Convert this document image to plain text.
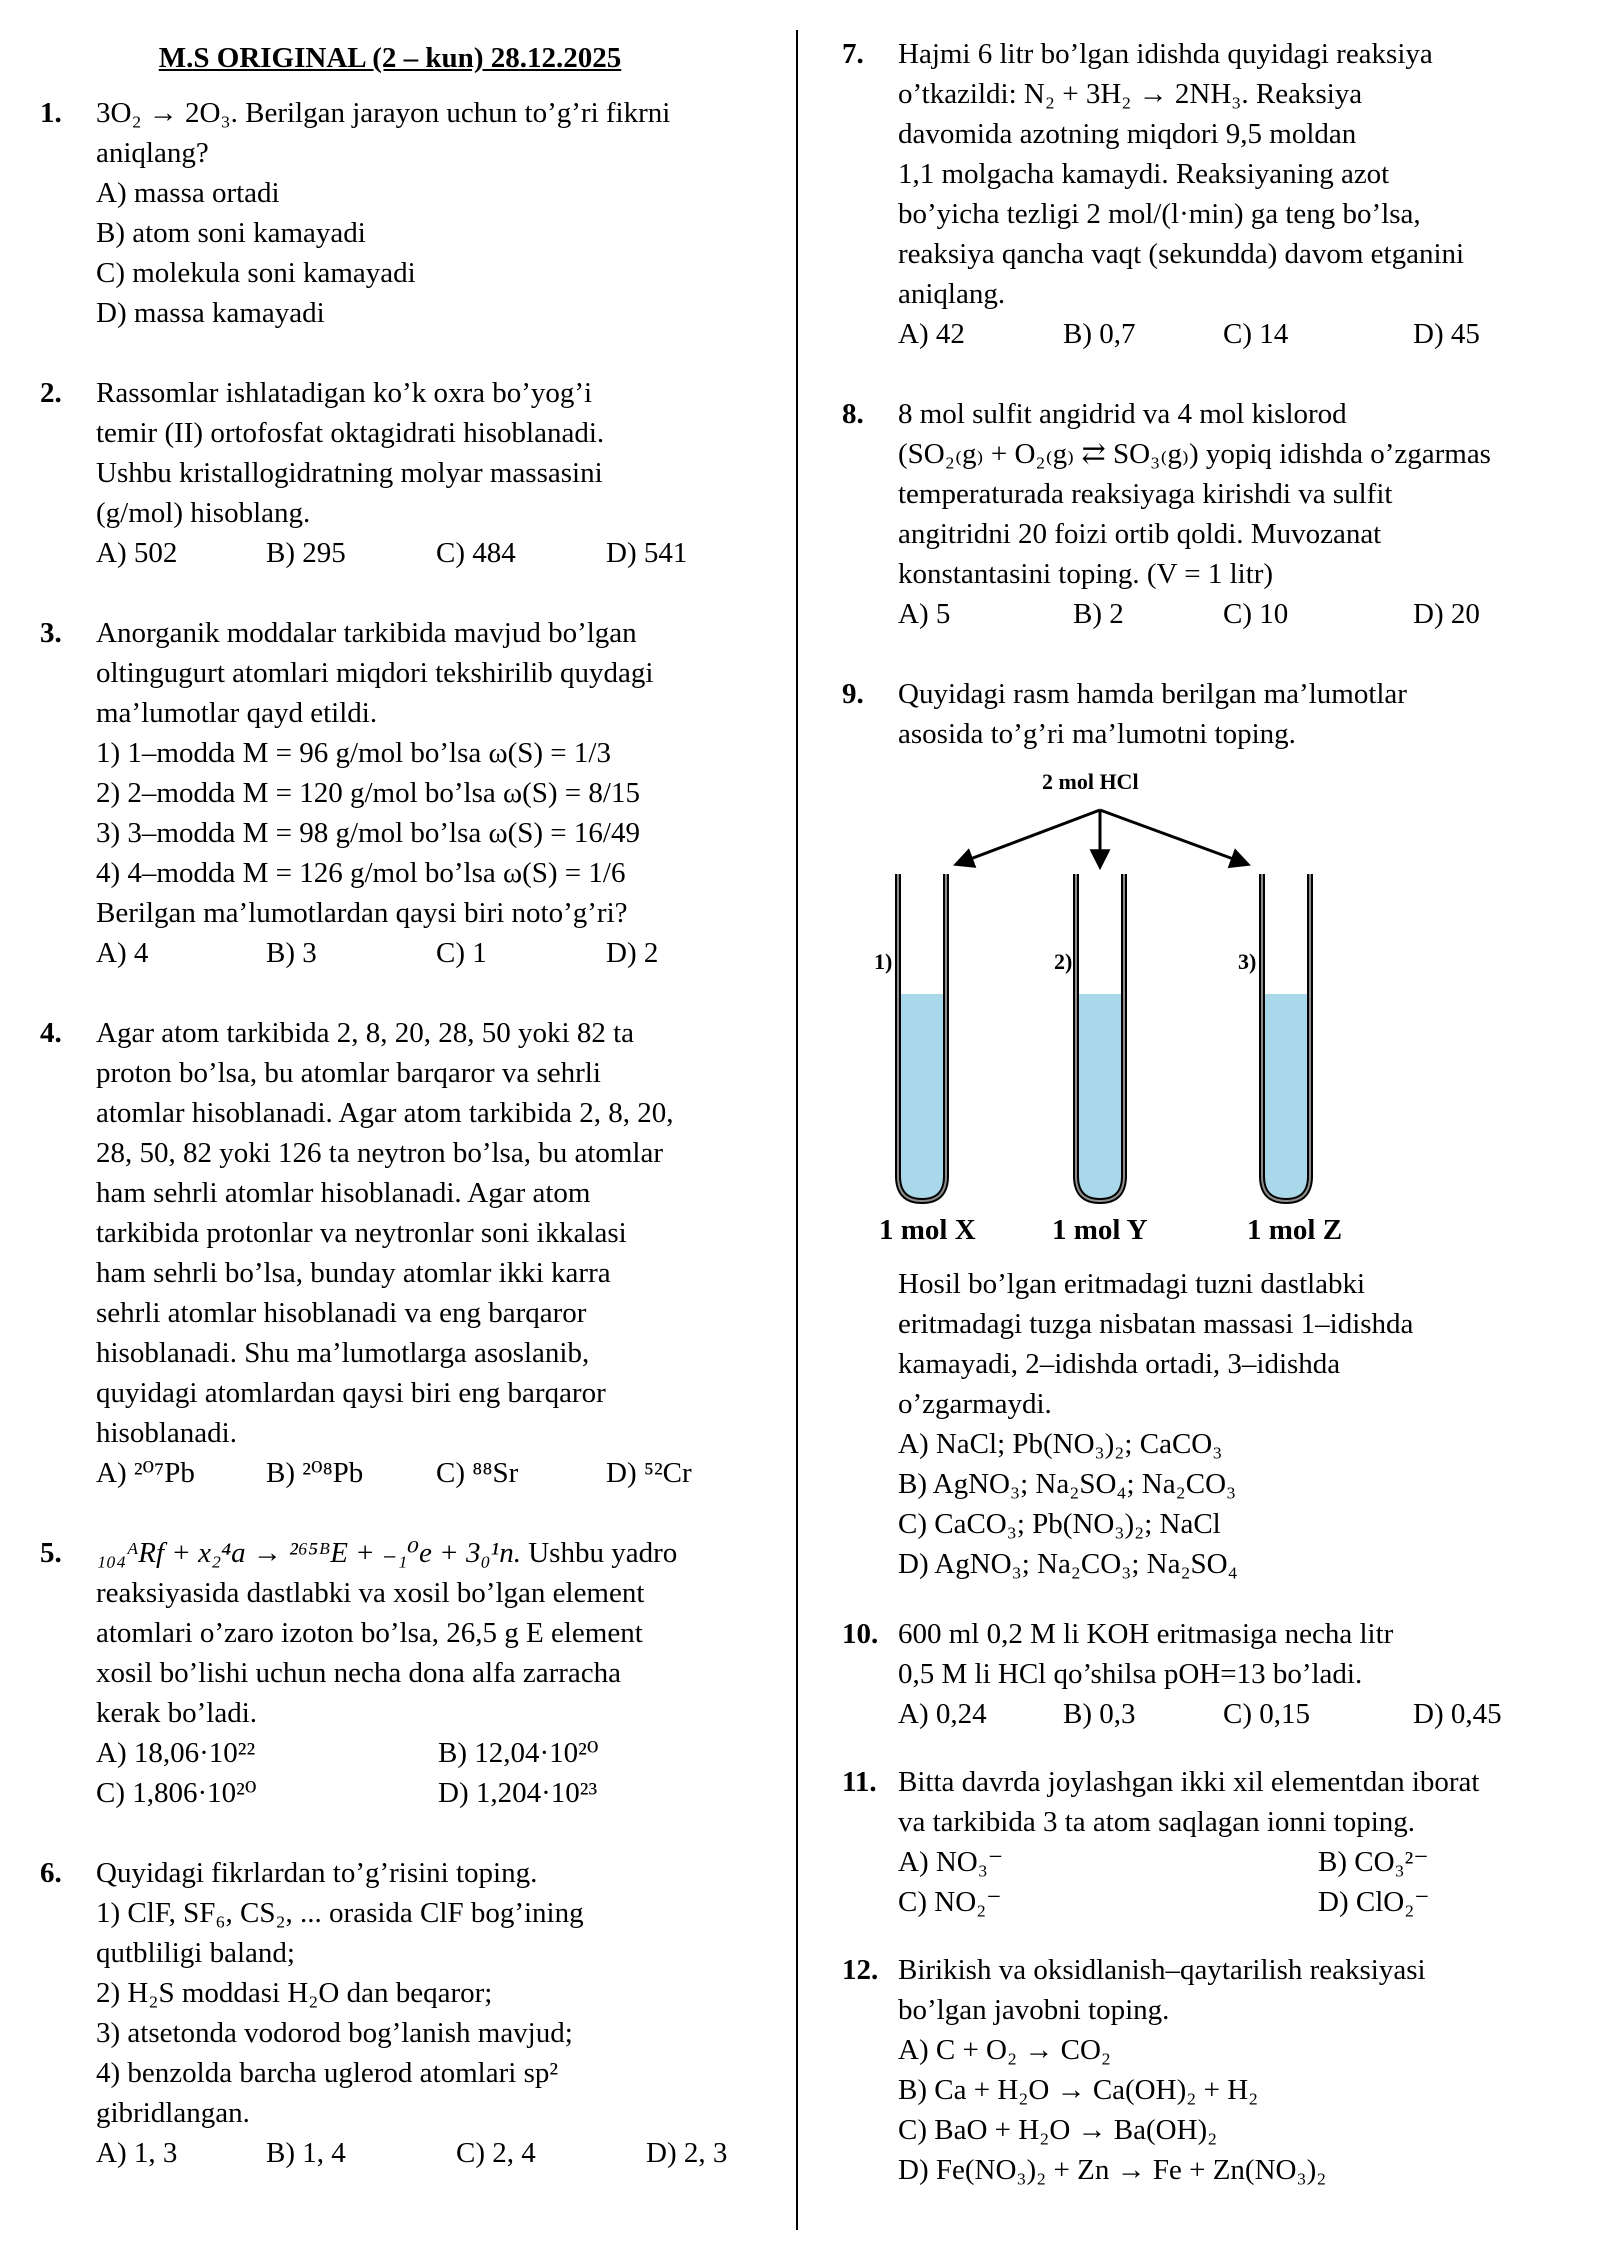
M.S ORIGINAL (2 – kun) 28.12.2025
1. 3O₂ → 2O₃. Berilgan jarayon uchun to’g’ri fikrni
aniqlang?
A) massa ortadi
B) atom soni kamayadi
C) molekula soni kamayadi
D) massa kamayadi
2. Rassomlar ishlatadigan ko’k oxra bo’yog’i
temir (II) ortofosfat oktagidrati hisoblanadi.
Ushbu kristallogidratning molyar massasini
(g/mol) hisoblang.
A) 502	B) 295	C) 484	D) 541
3. Anorganik moddalar tarkibida mavjud bo’lgan
oltingugurt atomlari miqdori tekshirilib quydagi
ma’lumotlar qayd etildi.
1) 1–modda M = 96 g/mol bo’lsa ω(S) = 1/3
2) 2–modda M = 120 g/mol bo’lsa ω(S) = 8/15
3) 3–modda M = 98 g/mol bo’lsa ω(S) = 16/49
4) 4–modda M = 126 g/mol bo’lsa ω(S) = 1/6
Berilgan ma’lumotlardan qaysi biri noto’g’ri?
A) 4	B) 3	C) 1	D) 2
4. Agar atom tarkibida 2, 8, 20, 28, 50 yoki 82 ta
proton bo’lsa, bu atomlar barqaror va sehrli
atomlar hisoblanadi. Agar atom tarkibida 2, 8, 20,
28, 50, 82 yoki 126 ta neytron bo’lsa, bu atomlar
ham sehrli atomlar hisoblanadi. Agar atom
tarkibida protonlar va neytronlar soni ikkalasi
ham sehrli bo’lsa, bunday atomlar ikki karra
sehrli atomlar hisoblanadi va eng barqaror
hisoblanadi. Shu ma’lumotlarga asoslanib,
quyidagi atomlardan qaysi biri eng barqaror
hisoblanadi.
A) ²⁰⁷Pb	B) ²⁰⁸Pb	C) ⁸⁸Sr	D) ⁵²Cr
5. ₁₀₄ᴬRf + x₂⁴a → ²⁶⁵ᴮE + ₋₁⁰e + 3₀¹n. Ushbu yadro
reaksiyasida dastlabki va xosil bo’lgan element
atomlari o’zaro izoton bo’lsa, 26,5 g E element
xosil bo’lishi uchun necha dona alfa zarracha
kerak bo’ladi.
A) 18,06·10²²	B) 12,04·10²⁰
C) 1,806·10²⁰	D) 1,204·10²³
6. Quyidagi fikrlardan to’g’risini toping.
1) ClF, SF₆, CS₂, ... orasida ClF bog’ining
qutbliligi baland;
2) H₂S moddasi H₂O dan beqaror;
3) atsetonda vodorod bog’lanish mavjud;
4) benzolda barcha uglerod atomlari sp²
gibridlangan.
A) 1, 3	B) 1, 4	C) 2, 4	D) 2, 3
7. Hajmi 6 litr bo’lgan idishda quyidagi reaksiya
o’tkazildi: N₂ + 3H₂ → 2NH₃. Reaksiya
davomida azotning miqdori 9,5 moldan
1,1 molgacha kamaydi. Reaksiyaning azot
bo’yicha tezligi 2 mol/(l·min) ga teng bo’lsa,
reaksiya qancha vaqt (sekundda) davom etganini
aniqlang.
A) 42	B) 0,7	C) 14	D) 45
8. 8 mol sulfit angidrid va 4 mol kislorod
(SO₂₍g₎ + O₂₍g₎ ⇄ SO₃₍g₎) yopiq idishda o’zgarmas
temperaturada reaksiyaga kirishdi va sulfit
angitridni 20 foizi ortib qoldi. Muvozanat
konstantasini toping. (V = 1 litr)
A) 5	B) 2	C) 10	D) 20
9. Quyidagi rasm hamda berilgan ma’lumotlar
asosida to’g’ri ma’lumotni toping.
2 mol HCl
1)	2)	3)
1 mol X	1 mol Y	1 mol Z
Hosil bo’lgan eritmadagi tuzni dastlabki
eritmadagi tuzga nisbatan massasi 1–idishda
kamayadi, 2–idishda ortadi, 3–idishda
o’zgarmaydi.
A) NaCl; Pb(NO₃)₂; CaCO₃
B) AgNO₃; Na₂SO₄; Na₂CO₃
C) CaCO₃; Pb(NO₃)₂; NaCl
D) AgNO₃; Na₂CO₃; Na₂SO₄
10. 600 ml 0,2 M li KOH eritmasiga necha litr
0,5 M li HCl qo’shilsa pOH=13 bo’ladi.
A) 0,24	B) 0,3	C) 0,15	D) 0,45
11. Bitta davrda joylashgan ikki xil elementdan iborat
va tarkibida 3 ta atom saqlagan ionni toping.
A) NO₃⁻	B) CO₃²⁻
C) NO₂⁻	D) ClO₂⁻
12. Birikish va oksidlanish–qaytarilish reaksiyasi
bo’lgan javobni toping.
A) C + O₂ → CO₂
B) Ca + H₂O → Ca(OH)₂ + H₂
C) BaO + H₂O → Ba(OH)₂
D) Fe(NO₃)₂ + Zn → Fe + Zn(NO₃)₂
